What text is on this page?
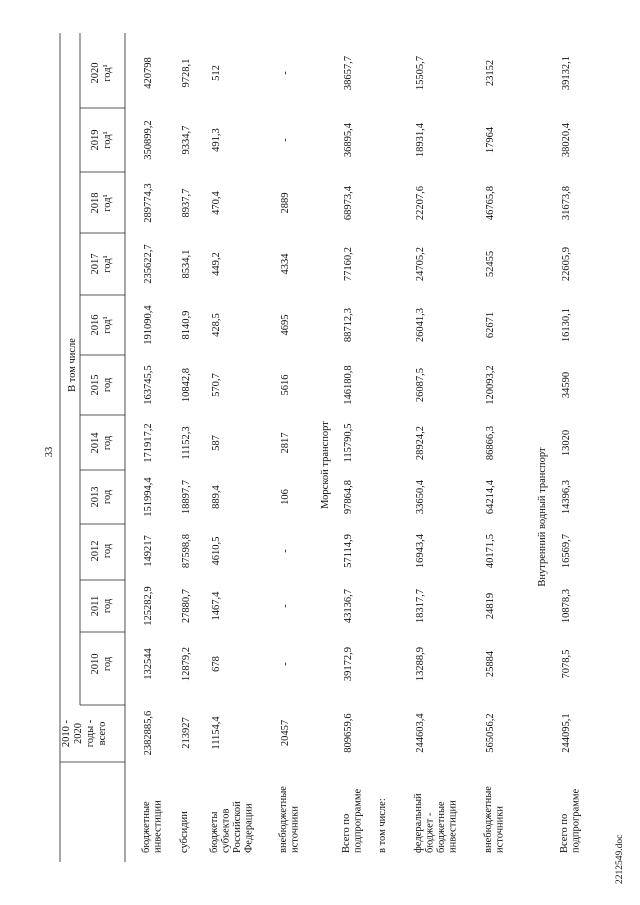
33
2212549.doc
2010 - 2020 годы - всего
В том числе
2010 год
2011 год
2012 год
2013 год
2014 год
2015 год
2016 год¹
2017 год¹
2018 год¹
2019 год¹
2020 год¹
бюджетные инвестиции
2382885,6
132544
125282,9
149217
151994,4
171917,2
163745,5
191090,4
235622,7
289774,3
350899,2
420798
субсидии
213927
12879,2
27880,7
87598,8
18897,7
11152,3
10842,8
8140,9
8534,1
8937,7
9334,7
9728,1
бюджеты субъектов Российской Федерации
11154,4
678
1467,4
4610,5
889,4
587
570,7
428,5
449,2
470,4
491,3
512
внебюджетные источники
20457
-
-
-
106
2817
5616
4695
4334
2889
-
-
Морской транспорт
Всего по подпрограмме
809659,6
39172,9
43136,7
57114,9
97864,8
115790,5
146180,8
88712,3
77160,2
68973,4
36895,4
38657,7
в том числе: федеральный бюджет - бюджетные инвестиции
244603,4
13288,9
18317,7
16943,4
33650,4
28924,2
26087,5
26041,3
24705,2
22207,6
18931,4
15505,7
внебюджетные источники
565056,2
25884
24819
40171,5
64214,4
86866,3
120093,2
62671
52455
46765,8
17964
23152
Внутренний водный транспорт
Всего по подпрограмме
244095,1
7078,5
10878,3
16569,7
14396,3
13020
34590
16130,1
22605,9
31673,8
38020,4
39132,1
